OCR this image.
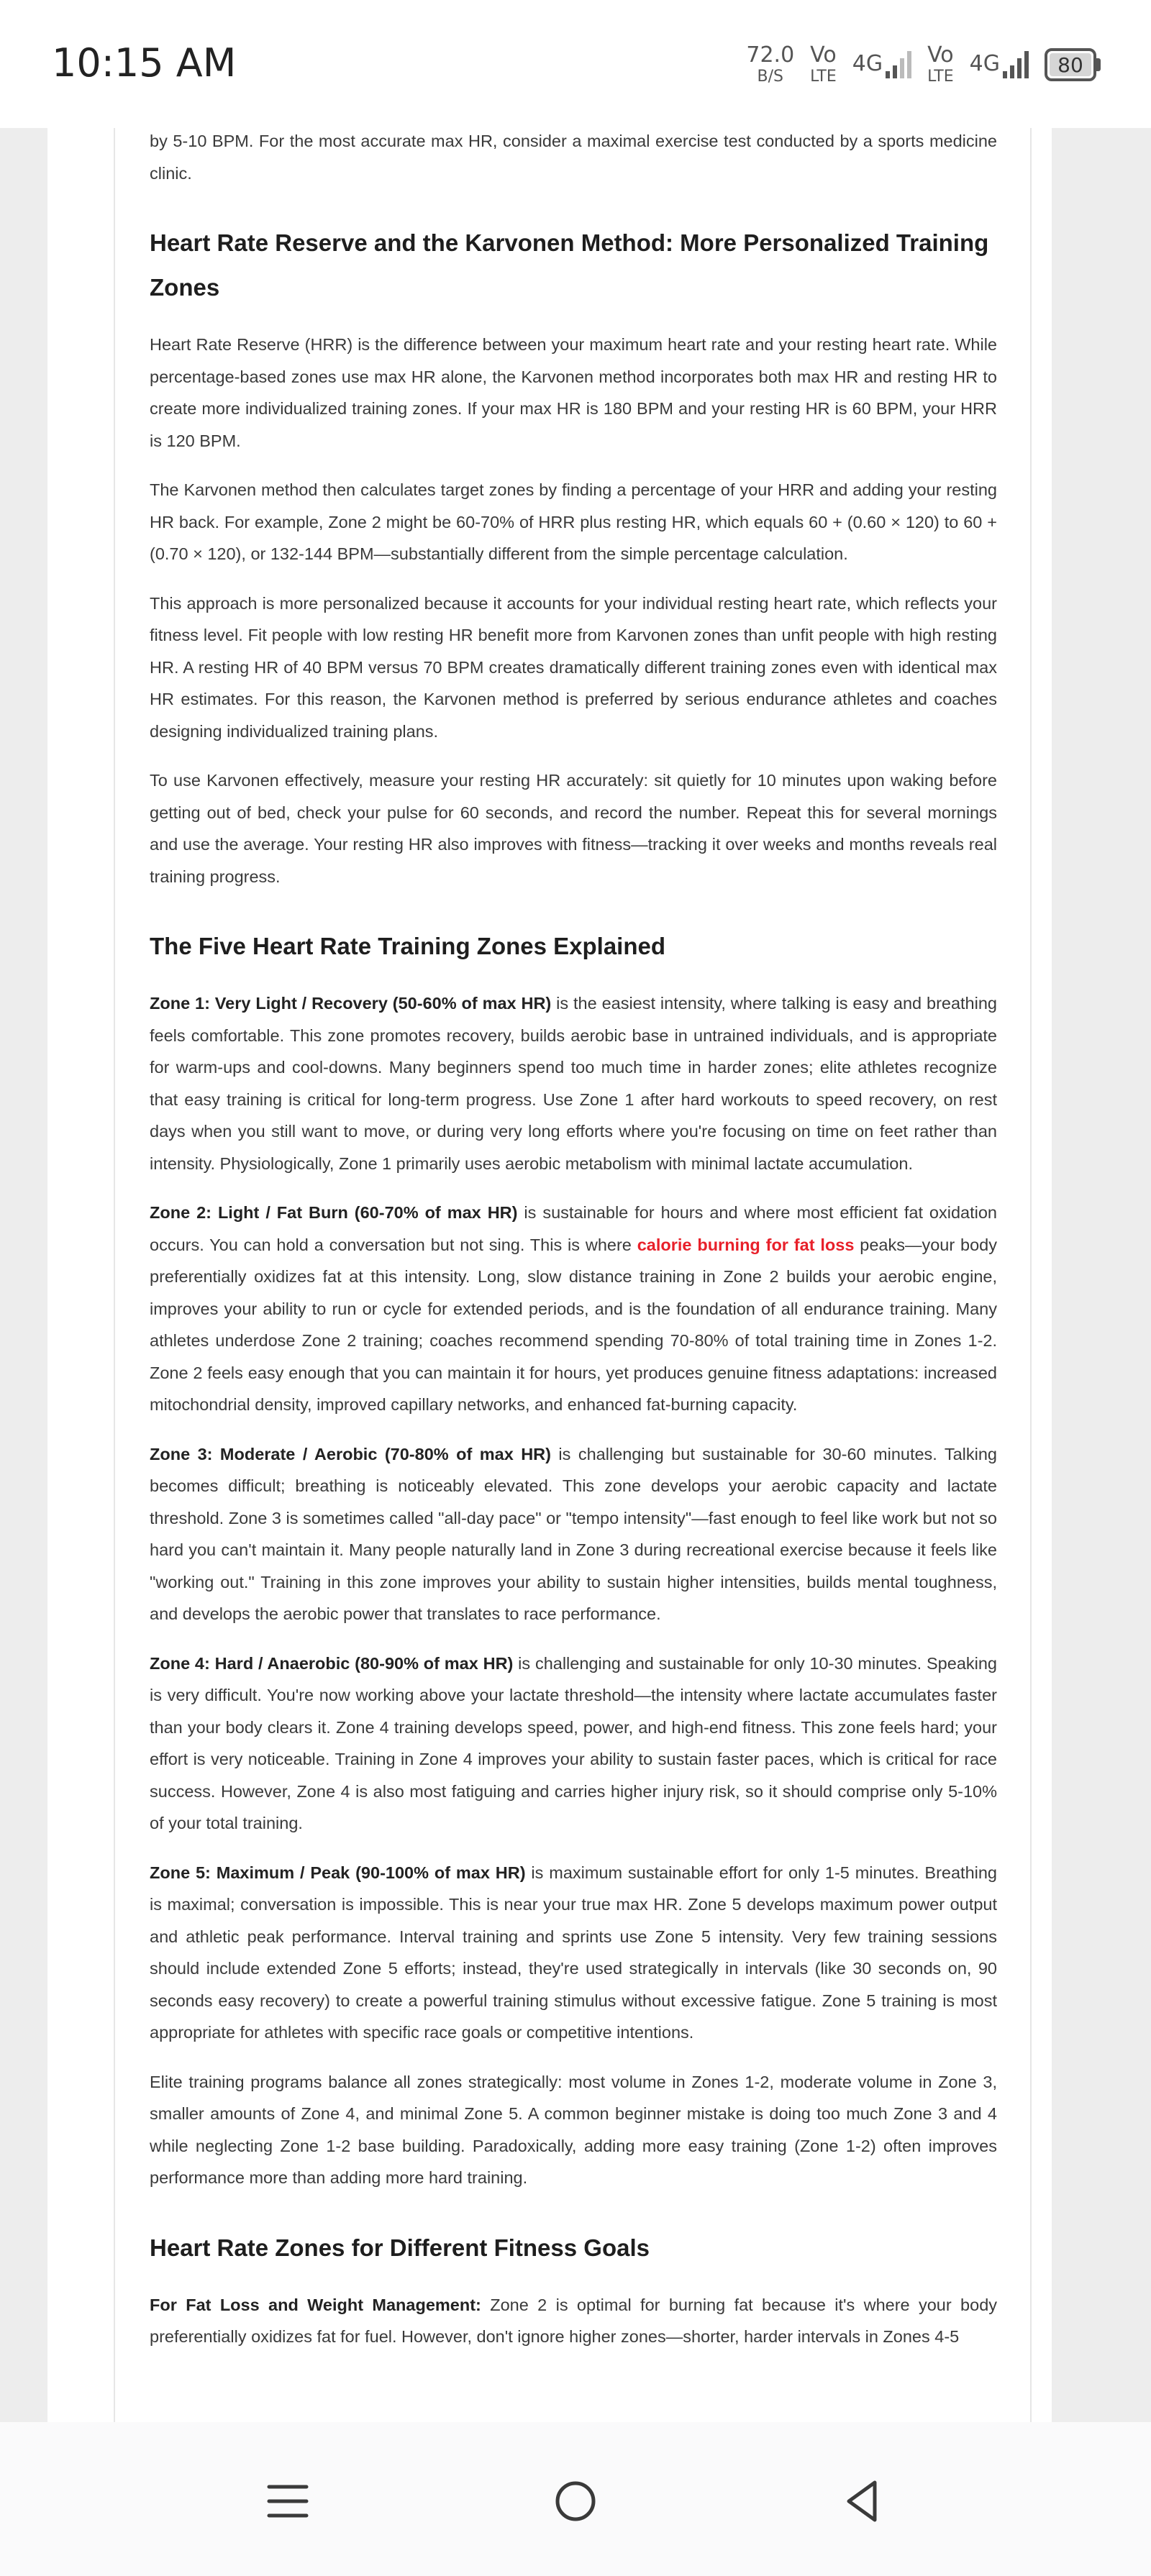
10:15 AM	72.0
B/S
Vo
LTE
4G Vo
LTE
4G	80

by 5-10 BPM. For the most accurate max HR, consider a maximal exercise test conducted by a sports medicine clinic.

Heart Rate Reserve and the Karvonen Method: More Personalized Training Zones

Heart Rate Reserve (HRR) is the difference between your maximum heart rate and your resting heart rate. While percentage-based zones use max HR alone, the Karvonen method incorporates both max HR and resting HR to create more individualized training zones. If your max HR is 180 BPM and your resting HR is 60 BPM, your HRR is 120 BPM.

The Karvonen method then calculates target zones by finding a percentage of your HRR and adding your resting HR back. For example, Zone 2 might be 60-70% of HRR plus resting HR, which equals 60 + (0.60 × 120) to 60 + (0.70 × 120), or 132-144 BPM—substantially different from the simple percentage calculation.

This approach is more personalized because it accounts for your individual resting heart rate, which reflects your fitness level. Fit people with low resting HR benefit more from Karvonen zones than unfit people with high resting HR. A resting HR of 40 BPM versus 70 BPM creates dramatically different training zones even with identical max HR estimates. For this reason, the Karvonen method is preferred by serious endurance athletes and coaches designing individualized training plans.

To use Karvonen effectively, measure your resting HR accurately: sit quietly for 10 minutes upon waking before getting out of bed, check your pulse for 60 seconds, and record the number. Repeat this for several mornings and use the average. Your resting HR also improves with fitness—tracking it over weeks and months reveals real training progress.

The Five Heart Rate Training Zones Explained

Zone 1: Very Light / Recovery (50-60% of max HR) is the easiest intensity, where talking is easy and breathing feels comfortable. This zone promotes recovery, builds aerobic base in untrained individuals, and is appropriate for warm-ups and cool-downs. Many beginners spend too much time in harder zones; elite athletes recognize that easy training is critical for long-term progress. Use Zone 1 after hard workouts to speed recovery, on rest days when you still want to move, or during very long efforts where you're focusing on time on feet rather than intensity. Physiologically, Zone 1 primarily uses aerobic metabolism with minimal lactate accumulation.

Zone 2: Light / Fat Burn (60-70% of max HR) is sustainable for hours and where most efficient fat oxidation occurs. You can hold a conversation but not sing. This is where calorie burning for fat loss peaks—your body preferentially oxidizes fat at this intensity. Long, slow distance training in Zone 2 builds your aerobic engine, improves your ability to run or cycle for extended periods, and is the foundation of all endurance training. Many athletes underdose Zone 2 training; coaches recommend spending 70-80% of total training time in Zones 1-2. Zone 2 feels easy enough that you can maintain it for hours, yet produces genuine fitness adaptations: increased mitochondrial density, improved capillary networks, and enhanced fat-burning capacity.

Zone 3: Moderate / Aerobic (70-80% of max HR) is challenging but sustainable for 30-60 minutes. Talking becomes difficult; breathing is noticeably elevated. This zone develops your aerobic capacity and lactate threshold. Zone 3 is sometimes called "all-day pace" or "tempo intensity"—fast enough to feel like work but not so hard you can't maintain it. Many people naturally land in Zone 3 during recreational exercise because it feels like "working out." Training in this zone improves your ability to sustain higher intensities, builds mental toughness, and develops the aerobic power that translates to race performance.

Zone 4: Hard / Anaerobic (80-90% of max HR) is challenging and sustainable for only 10-30 minutes. Speaking is very difficult. You're now working above your lactate threshold—the intensity where lactate accumulates faster than your body clears it. Zone 4 training develops speed, power, and high-end fitness. This zone feels hard; your effort is very noticeable. Training in Zone 4 improves your ability to sustain faster paces, which is critical for race success. However, Zone 4 is also most fatiguing and carries higher injury risk, so it should comprise only 5-10% of your total training.

Zone 5: Maximum / Peak (90-100% of max HR) is maximum sustainable effort for only 1-5 minutes. Breathing is maximal; conversation is impossible. This is near your true max HR. Zone 5 develops maximum power output and athletic peak performance. Interval training and sprints use Zone 5 intensity. Very few training sessions should include extended Zone 5 efforts; instead, they're used strategically in intervals (like 30 seconds on, 90 seconds easy recovery) to create a powerful training stimulus without excessive fatigue. Zone 5 training is most appropriate for athletes with specific race goals or competitive intentions.

Elite training programs balance all zones strategically: most volume in Zones 1-2, moderate volume in Zone 3, smaller amounts of Zone 4, and minimal Zone 5. A common beginner mistake is doing too much Zone 3 and 4 while neglecting Zone 1-2 base building. Paradoxically, adding more easy training (Zone 1-2) often improves performance more than adding more hard training.

Heart Rate Zones for Different Fitness Goals

For Fat Loss and Weight Management: Zone 2 is optimal for burning fat because it's where your body preferentially oxidizes fat for fuel. However, don't ignore higher zones—shorter, harder intervals in Zones 4-5
